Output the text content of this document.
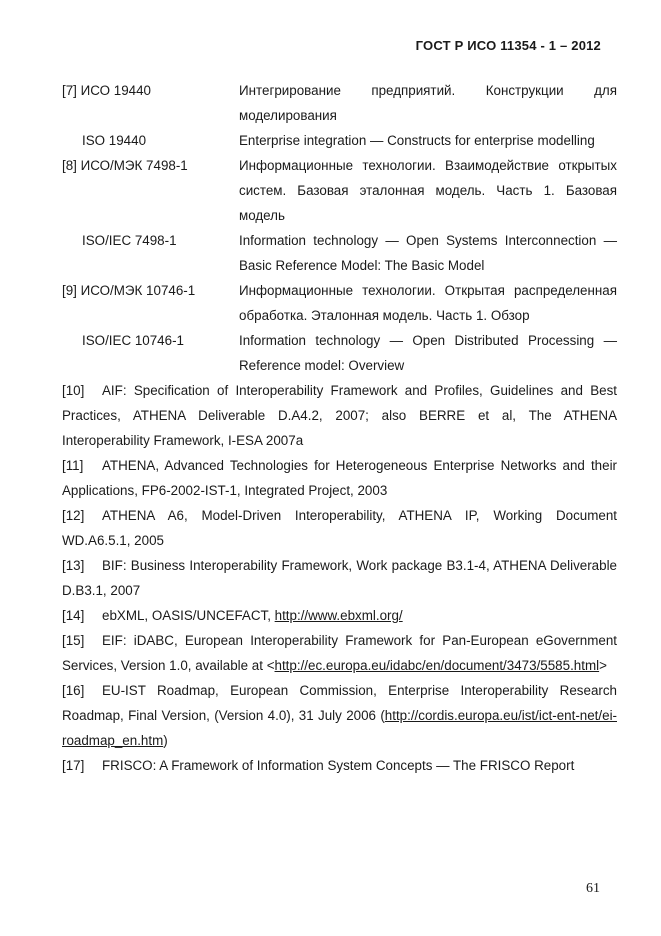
ГОСТ Р ИСО 11354 - 1 – 2012
[7] ИСО 19440	Интегрирование предприятий. Конструкции для моделирования
ISO 19440	Enterprise integration — Constructs for enterprise modelling
[8] ИСО/МЭК 7498-1	Информационные технологии. Взаимодействие открытых систем. Базовая эталонная модель. Часть 1. Базовая модель
ISO/IEC 7498-1	Information technology — Open Systems Interconnection — Basic Reference Model: The Basic Model
[9] ИСО/МЭК 10746-1	Информационные технологии. Открытая распределенная обработка. Эталонная модель. Часть 1. Обзор
ISO/IEC 10746-1	Information technology — Open Distributed Processing — Reference model: Overview

[10] AIF: Specification of Interoperability Framework and Profiles, Guidelines and Best Practices, ATHENA Deliverable D.A4.2, 2007; also BERRE et al, The ATHENA Interoperability Framework, I-ESA 2007a

[11] ATHENA, Advanced Technologies for Heterogeneous Enterprise Networks and their Applications, FP6-2002-IST-1, Integrated Project, 2003

[12] ATHENA A6, Model-Driven Interoperability, ATHENA IP, Working Document WD.A6.5.1, 2005

[13] BIF: Business Interoperability Framework, Work package B3.1-4, ATHENA Deliverable D.B3.1, 2007

[14] ebXML, OASIS/UNCEFACT, http://www.ebxml.org/

[15] EIF: iDABC, European Interoperability Framework for Pan-European eGovernment Services, Version 1.0, available at <http://ec.europa.eu/idabc/en/document/3473/5585.html>

[16] EU-IST Roadmap, European Commission, Enterprise Interoperability Research Roadmap, Final Version, (Version 4.0), 31 July 2006 (http://cordis.europa.eu/ist/ict-ent-net/ei-roadmap_en.htm)

[17] FRISCO: A Framework of Information System Concepts — The FRISCO Report

61
